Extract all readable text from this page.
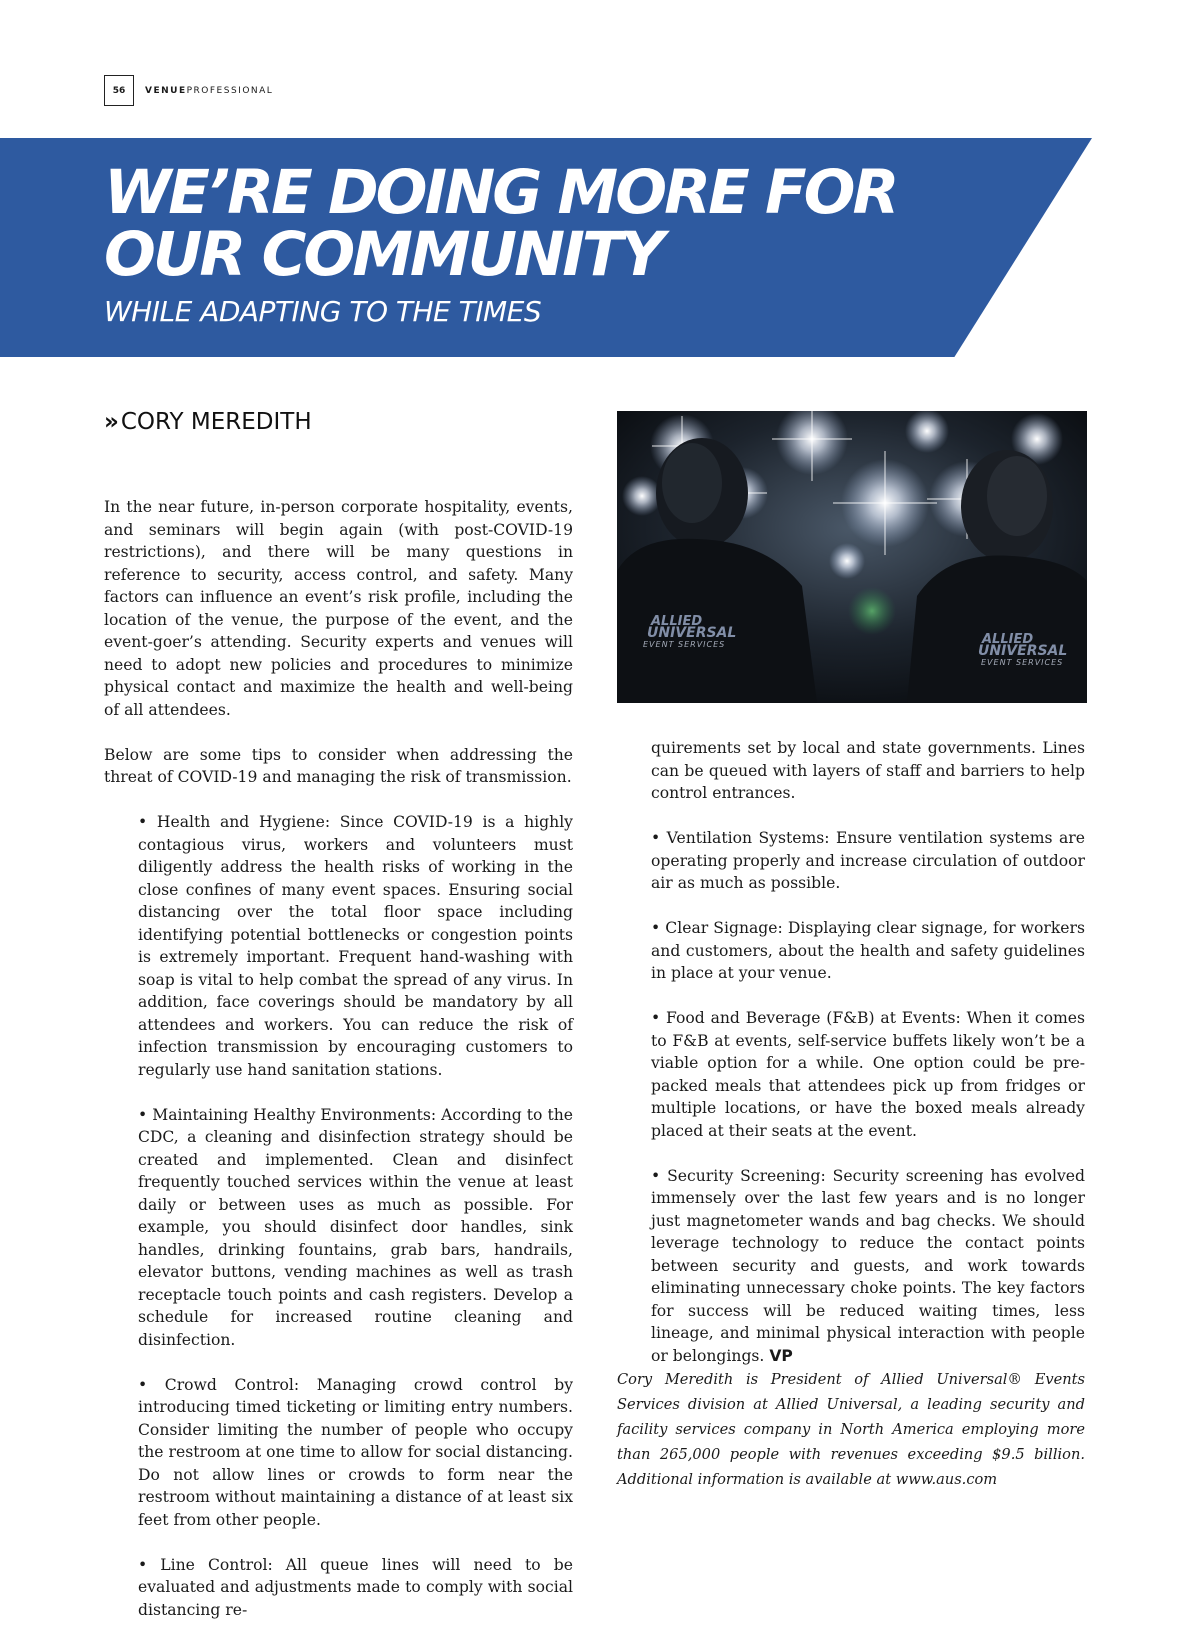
56 VENUEPROFESSIONAL
WE’RE DOING MORE FOR
OUR COMMUNITY
WHILE ADAPTING TO THE TIMES
» CORY MEREDITH

In the near future, in-person corporate hospitality, events, and seminars will begin again (with post-COVID-19 restrictions), and there will be many questions in reference to security, access control, and safety. Many factors can influence an event’s risk profile, including the location of the venue, the purpose of the event, and the event-goer’s attending. Security experts and venues will need to adopt new policies and procedures to minimize physical contact and maximize the health and well-being of all attendees.

Below are some tips to consider when addressing the threat of COVID-19 and managing the risk of transmission.

• Health and Hygiene: Since COVID-19 is a highly contagious virus, workers and volunteers must diligently address the health risks of working in the close confines of many event spaces. Ensuring social distancing over the total floor space including identifying potential bottlenecks or congestion points is extremely important. Frequent hand-washing with soap is vital to help combat the spread of any virus. In addition, face coverings should be mandatory by all attendees and workers. You can reduce the risk of infection transmission by encouraging customers to regularly use hand sanitation stations.

• Maintaining Healthy Environments: According to the CDC, a cleaning and disinfection strategy should be created and implemented. Clean and disinfect frequently touched services within the venue at least daily or between uses as much as possible. For example, you should disinfect door handles, sink handles, drinking fountains, grab bars, handrails, elevator buttons, vending machines as well as trash receptacle touch points and cash registers. Develop a schedule for increased routine cleaning and disinfection.

• Crowd Control: Managing crowd control by introducing timed ticketing or limiting entry numbers. Consider limiting the number of people who occupy the restroom at one time to allow for social distancing. Do not allow lines or crowds to form near the restroom without maintaining a distance of at least six feet from other people.

• Line Control: All queue lines will need to be evaluated and adjustments made to comply with social distancing re-

ALLIED
UNIVERSAL
EVENT SERVICES	ALLIED
UNIVERSAL
EVENT SERVICES

quirements set by local and state governments. Lines can be queued with layers of staff and barriers to help control entrances.

• Ventilation Systems: Ensure ventilation systems are operating properly and increase circulation of outdoor air as much as possible.

• Clear Signage: Displaying clear signage, for workers and customers, about the health and safety guidelines in place at your venue.

• Food and Beverage (F&B) at Events: When it comes to F&B at events, self-service buffets likely won’t be a viable option for a while. One option could be pre-packed meals that attendees pick up from fridges or multiple locations, or have the boxed meals already placed at their seats at the event.

• Security Screening: Security screening has evolved immensely over the last few years and is no longer just magnetometer wands and bag checks. We should leverage technology to reduce the contact points between security and guests, and work towards eliminating unnecessary choke points. The key factors for success will be reduced waiting times, less lineage, and minimal physical interaction with people or belongings. VP

Cory Meredith is President of Allied Universal® Events Services division at Allied Universal, a leading security and facility services company in North America employing more than 265,000 people with revenues exceeding $9.5 billion. Additional information is available at www.aus.com
